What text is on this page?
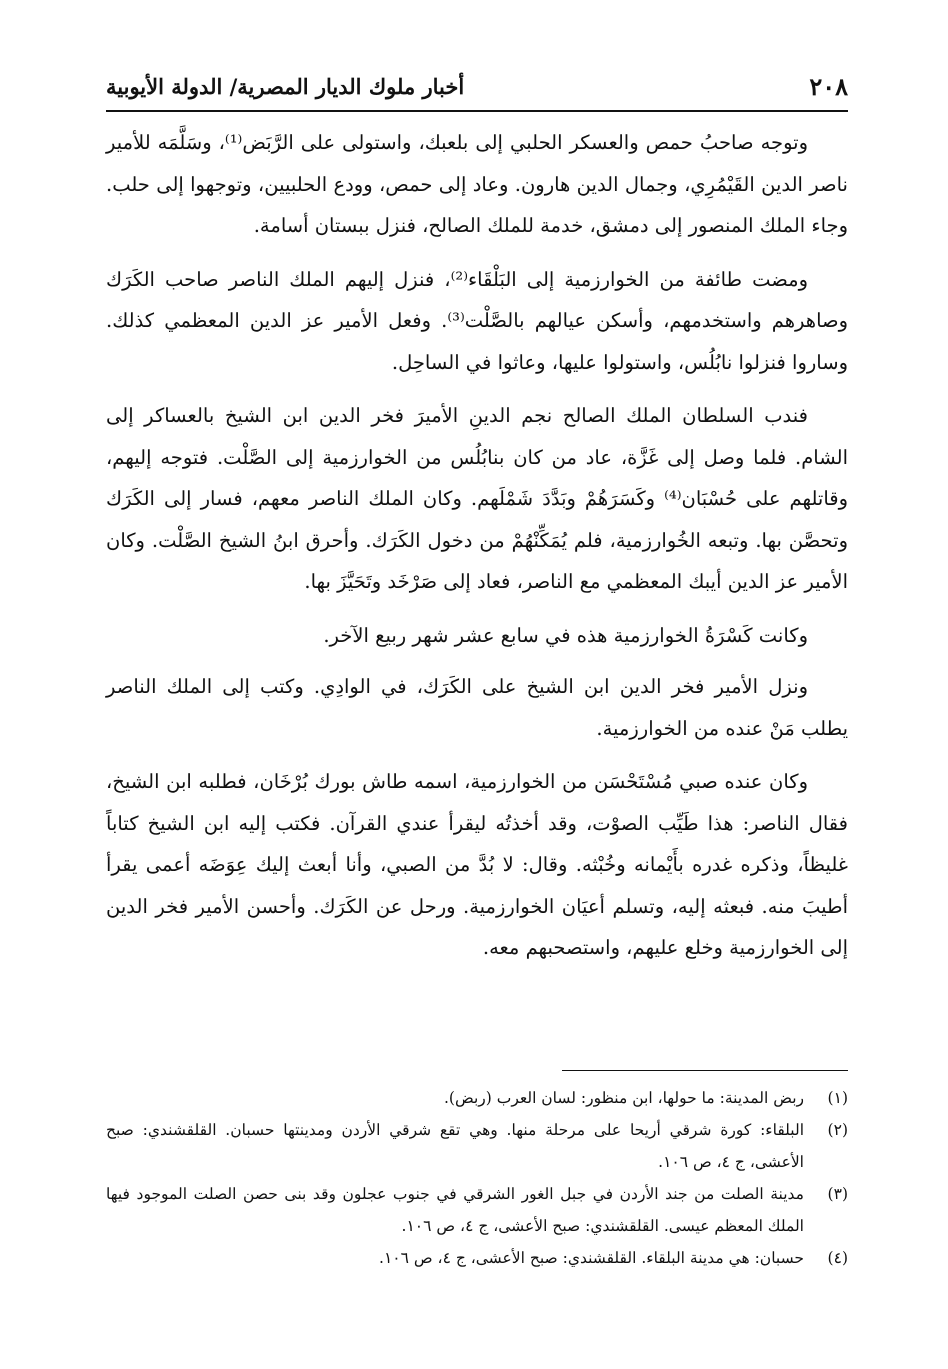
٢٠٨
أخبار ملوك الديار المصرية/ الدولة الأيوبية

وتوجه صاحبُ حمص والعسكر الحلبي إلى بلعبك، واستولى على الرَّبَض⁽¹⁾، وسَلَّمَه للأمير ناصر الدين القَيْمُرِي، وجمال الدين هارون. وعاد إلى حمص، وودع الحلبيين، وتوجهوا إلى حلب. وجاء الملك المنصور إلى دمشق، خدمة للملك الصالح، فنزل ببستان أسامة.

ومضت طائفة من الخوارزمية إلى البَلْقَاء⁽²⁾، فنزل إليهم الملك الناصر صاحب الكَرَك وصاهرهم واستخدمهم، وأسكن عيالهم بالصَّلْت⁽³⁾. وفعل الأمير عز الدين المعظمي كذلك. وساروا فنزلوا نابُلُس، واستولوا عليها، وعاثوا في الساحِل.

فندب السلطان الملك الصالح نجم الدينِ الأميرَ فخر الدين ابن الشيخ بالعساكر إلى الشام. فلما وصل إلى غَزَّة، عاد من كان بنابُلُس من الخوارزمية إلى الصَّلْت. فتوجه إليهم، وقاتلهم على حُسْبَان⁽⁴⁾ وكَسَرَهُمْ وبَدَّدَ شَمْلَهم. وكان الملك الناصر معهم، فسار إلى الكَرَك وتحصَّن بها. وتبعه الخُوارزمية، فلم يُمَكِّنْهُمْ من دخول الكَرَك. وأحرق ابنُ الشيخ الصَّلْت. وكان الأمير عز الدين أيبك المعظمي مع الناصر، فعاد إلى صَرْخَد وتَحَيَّزَ بها.

وكانت كَسْرَةُ الخوارزمية هذه في سابع عشر شهر ربيع الآخر.

ونزل الأمير فخر الدين ابن الشيخ على الكَرَك، في الوادِي. وكتب إلى الملك الناصر يطلب مَنْ عنده من الخوارزمية.

وكان عنده صبي مُسْتَحْسَن من الخوارزمية، اسمه طاش بورك بُرْخَان، فطلبه ابن الشيخ، فقال الناصر: هذا طَيِّب الصوْت، وقد أخذتُه ليقرأ عندي القرآن. فكتب إليه ابن الشيخ كتاباً غليظاً، وذكره غدره بأَيْمانه وخُبْثه. وقال: لا بُدَّ من الصبي، وأنا أبعث إليك عِوَضَه أعمى يقرأ أطيبَ منه. فبعثه إليه، وتسلم أعيَان الخوارزمية. ورحل عن الكَرَك. وأحسن الأمير فخر الدين إلى الخوارزمية وخلع عليهم، واستصحبهم معه.

(١)
ربض المدينة: ما حولها، ابن منظور: لسان العرب (ربض).
(٢)
البلقاء: كورة شرقي أريحا على مرحلة منها. وهي تقع شرقي الأردن ومدينتها حسبان. القلقشندي: صبح الأعشى، ج ٤، ص ١٠٦.
(٣)
مدينة الصلت من جند الأردن في جبل الغور الشرقي في جنوب عجلون وقد بنى حصن الصلت الموجود فيها الملك المعظم عيسى. القلقشندي: صبح الأعشى، ج ٤، ص ١٠٦.
(٤)
حسبان: هي مدينة البلقاء. القلقشندي: صبح الأعشى، ج ٤، ص ١٠٦.
